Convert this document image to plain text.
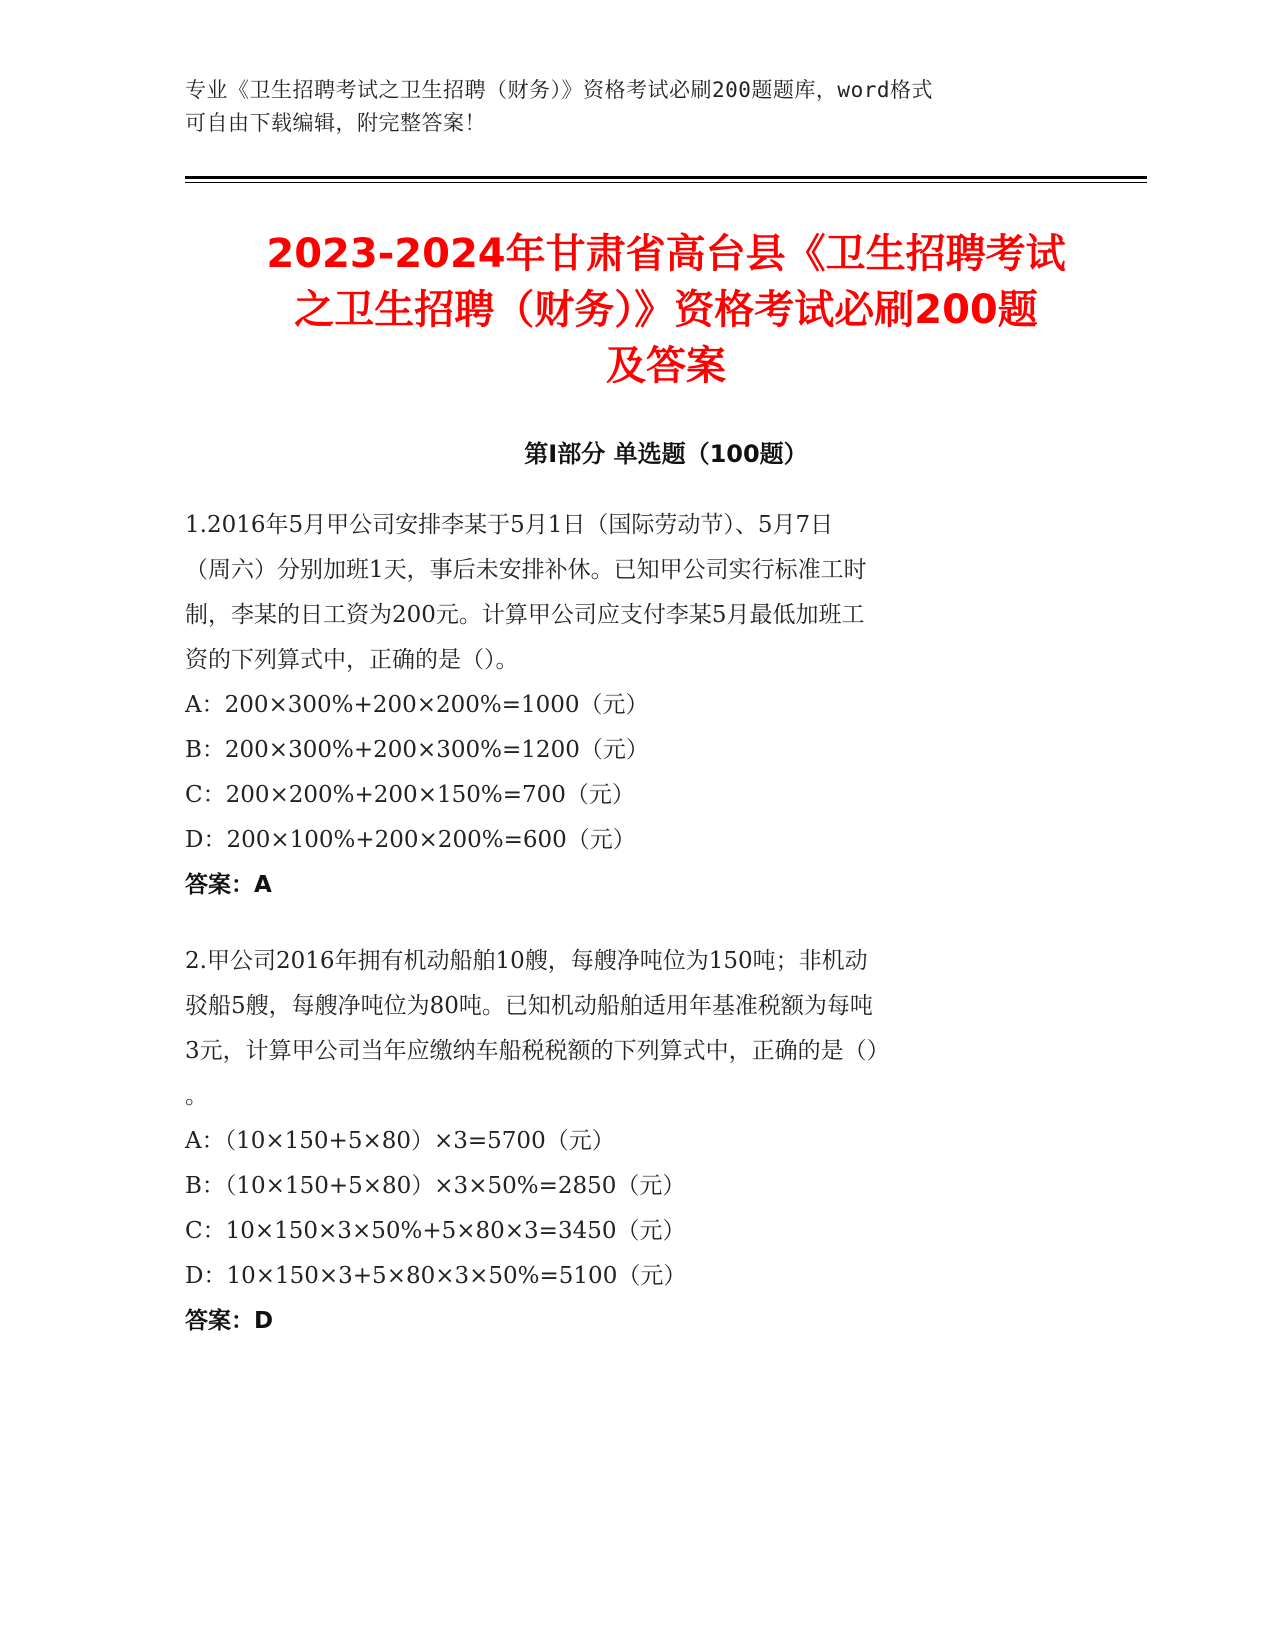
专业《卫生招聘考试之卫生招聘（财务）》资格考试必刷200题题库，word格式
可自由下载编辑，附完整答案！
2023-2024年甘肃省高台县《卫生招聘考试
之卫生招聘（财务）》资格考试必刷200题
及答案
第Ⅰ部分 单选题（100题）
1.2016年5月甲公司安排李某于5月1日（国际劳动节）、5月7日
（周六）分别加班1天，事后未安排补休。已知甲公司实行标准工时
制，李某的日工资为200元。计算甲公司应支付李某5月最低加班工
资的下列算式中，正确的是（）。
A：200×300%+200×200%=1000（元）
B：200×300%+200×300%=1200（元）
C：200×200%+200×150%=700（元）
D：200×100%+200×200%=600（元）
答案：A
2.甲公司2016年拥有机动船舶10艘，每艘净吨位为150吨；非机动
驳船5艘，每艘净吨位为80吨。已知机动船舶适用年基准税额为每吨
3元，计算甲公司当年应缴纳车船税税额的下列算式中，正确的是（）
。
A：（10×150+5×80）×3=5700（元）
B：（10×150+5×80）×3×50%=2850（元）
C：10×150×3×50%+5×80×3=3450（元）
D：10×150×3+5×80×3×50%=5100（元）
答案：D
